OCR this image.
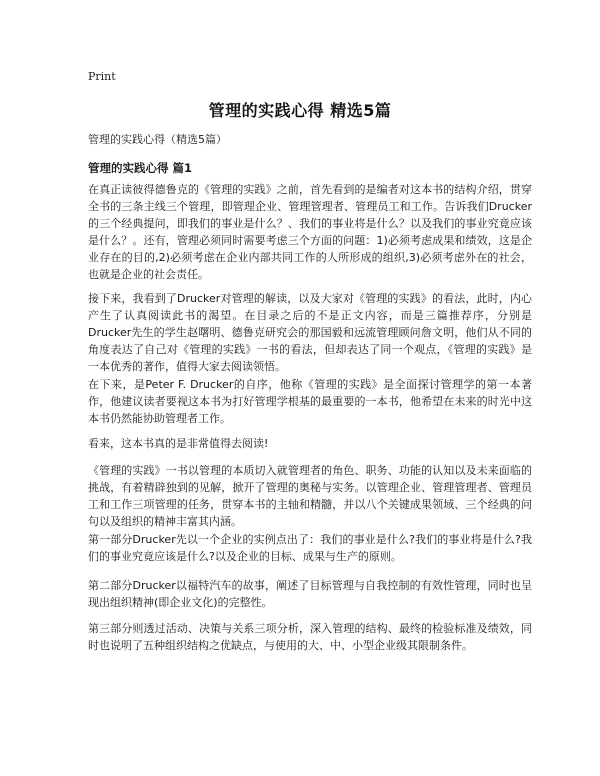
Print
管理的实践心得 精选5篇
管理的实践心得（精选5篇）
管理的实践心得 篇1
在真正读彼得德鲁克的《管理的实践》之前，首先看到的是编者对这本书的结构介绍，贯穿全书的三条主线三个管理，即管理企业、管理管理者、管理员工和工作。告诉我们Drucker的三个经典提问，即我们的事业是什么？、我们的事业将是什么？以及我们的事业究竟应该是什么？。还有，管理必须同时需要考虑三个方面的问题：1)必须考虑成果和绩效，这是企业存在的目的,2)必须考虑在企业内部共同工作的人所形成的组织,3)必须考虑外在的社会，也就是企业的社会责任。
接下来，我看到了Drucker对管理的解读，以及大家对《管理的实践》的看法，此时，内心产生了认真阅读此书的渴望。在目录之后的不是正文内容，而是三篇推荐序，分别是Drucker先生的学生赵曙明、德鲁克研究会的那国毅和远流管理顾问詹文明，他们从不同的角度表达了自己对《管理的实践》一书的看法，但却表达了同一个观点，《管理的实践》是一本优秀的著作，值得大家去阅读领悟。
在下来，是Peter F. Drucker的自序，他称《管理的实践》是全面探讨管理学的第一本著作，他建议读者要视这本书为打好管理学根基的最重要的一本书，他希望在未来的时光中这本书仍然能协助管理者工作。
看来，这本书真的是非常值得去阅读!
《管理的实践》一书以管理的本质切入就管理者的角色、职务、功能的认知以及未来面临的挑战，有着精辟独到的见解，掀开了管理的奥秘与实务。以管理企业、管理管理者、管理员工和工作三项管理的任务，贯穿本书的主轴和精髓，并以八个关键成果领域、三个经典的问句以及组织的精神丰富其内涵。
第一部分Drucker先以一个企业的实例点出了：我们的事业是什么?我们的事业将是什么?我们的事业究竟应该是什么?以及企业的目标、成果与生产的原则。
第二部分Drucker以福特汽车的故事，阐述了目标管理与自我控制的有效性管理，同时也呈现出组织精神(即企业文化)的完整性。
第三部分则透过活动、决策与关系三项分析，深入管理的结构、最终的检验标准及绩效，同时也说明了五种组织结构之优缺点，与使用的大、中、小型企业级其限制条件。
